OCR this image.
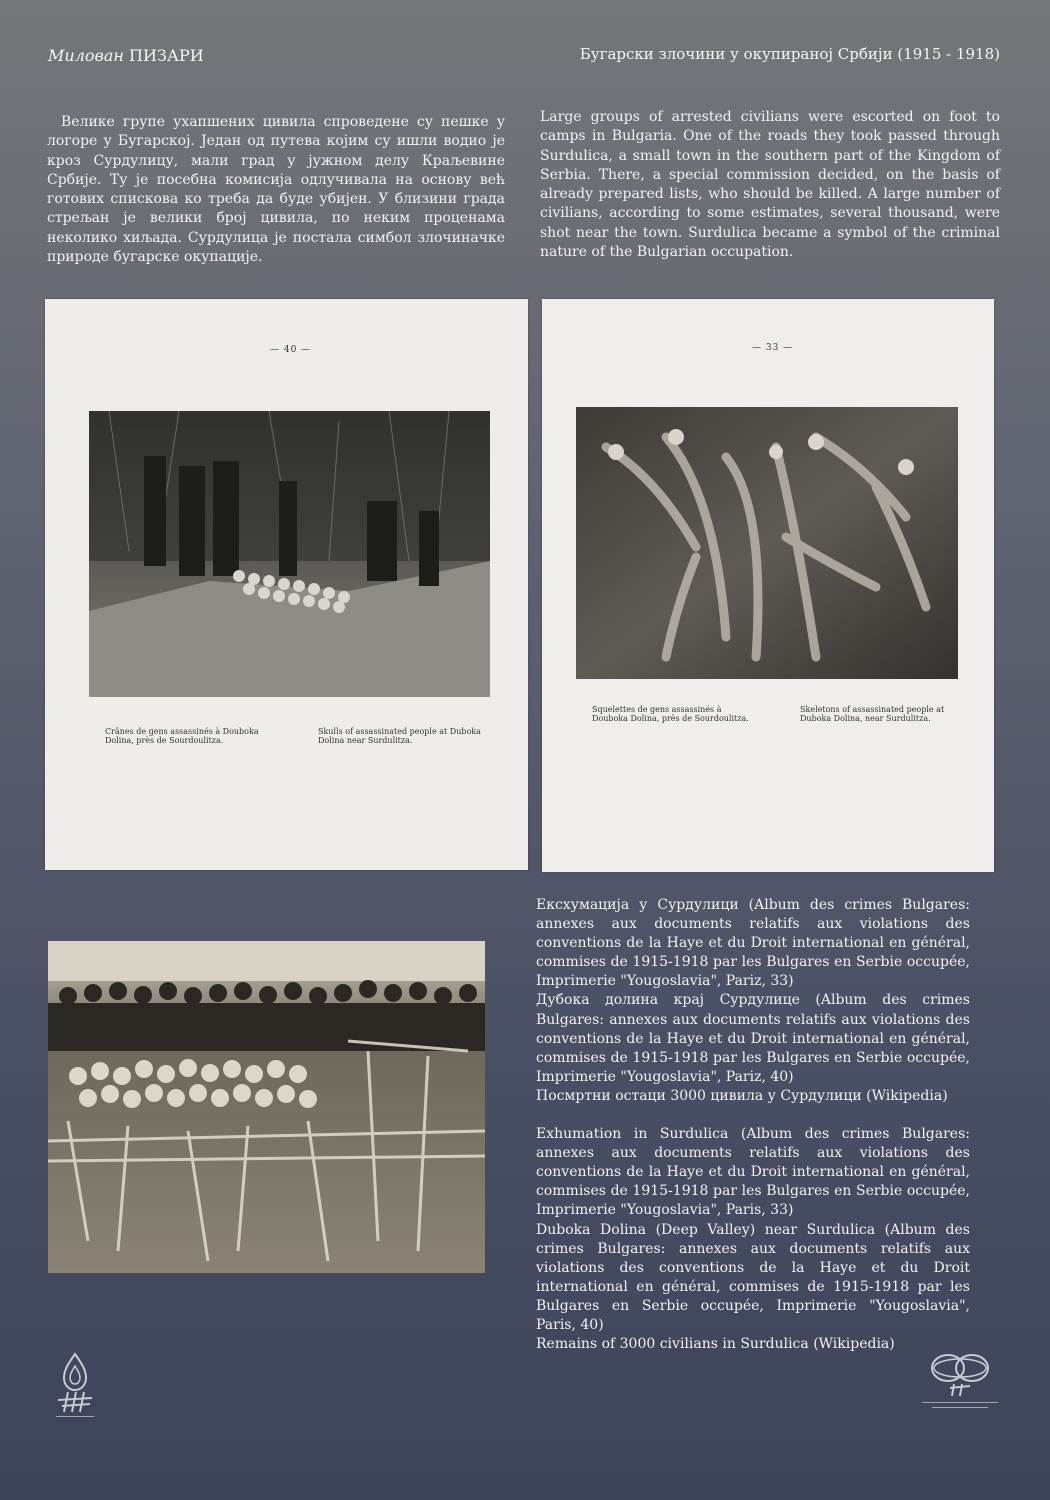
Милован ПИЗАРИ	Бугарски злочини у окупираној Србији (1915 - 1918)
Велике групе ухапшених цивила спроведене су пешке у логоре у Бугарској. Један од путева којим су ишли водио је кроз Сурдулицу, мали град у јужном делу Краљевине Србије. Ту је посебна комисија одлучивала на основу већ готових спискова ко треба да буде убијен. У близини града стрељан је велики број цивила, по неким проценама неколико хиљада. Сурдулица је постала симбол злочиначке природе бугарске окупације.
Large groups of arrested civilians were escorted on foot to camps in Bulgaria. One of the roads they took passed through Surdulica, a small town in the southern part of the Kingdom of Serbia. There, a special commission decided, on the basis of already prepared lists, who should be killed. A large number of civilians, according to some estimates, several thousand, were shot near the town. Surdulica became a symbol of the criminal nature of the Bulgarian occupation.
— 40 —
Crânes de gens assassinés à Douboka Dolina, près de Sourdoulitza.
Skulls of assassinated people at Duboka Dolina near Surdulitza.
— 33 —
Squelettes de gens assassinés à Douboka Dolina, près de Sourdoulitza.
Skeletons of assassinated people at Duboka Dolina, near Surdulitza.

Ексхумација у Сурдулици (Album des crimes Bulgares: annexes aux documents relatifs aux violations des conventions de la Haye et du Droit international en général, commises de 1915-1918 par les Bulgares en Serbie occupée, Imprimerie "Yougoslavia", Pariz, 33)

Дубока долина крај Сурдулице (Album des crimes Bulgares: annexes aux documents relatifs aux violations des conventions de la Haye et du Droit international en général, commises de 1915-1918 par les Bulgares en Serbie occupée, Imprimerie "Yougoslavia", Pariz, 40)

Посмртни остаци 3000 цивила у Сурдулици (Wikipedia)

Exhumation in Surdulica (Album des crimes Bulgares: annexes aux documents relatifs aux violations des conventions de la Haye et du Droit international en général, commises de 1915-1918 par les Bulgares en Serbie occupée, Imprimerie "Yougoslavia", Paris, 33)

Duboka Dolina (Deep Valley) near Surdulica (Album des crimes Bulgares: annexes aux documents relatifs aux violations des conventions de la Haye et du Droit international en général, commises de 1915-1918 par les Bulgares en Serbie occupée, Imprimerie "Yougoslavia", Paris, 40)

Remains of 3000 civilians in Surdulica (Wikipedia)
